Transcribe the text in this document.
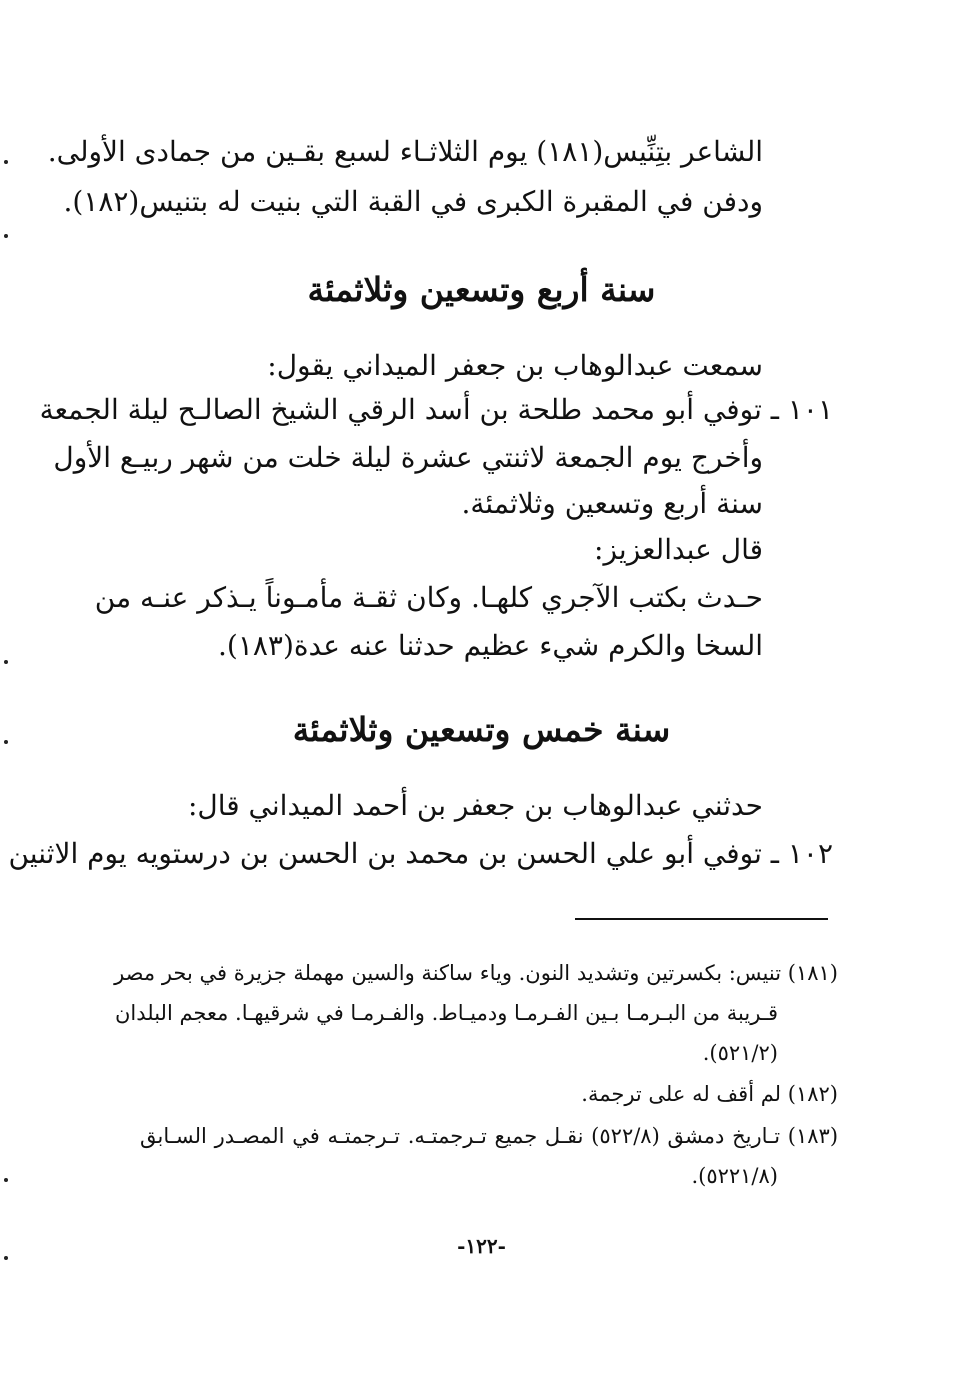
الشاعر بتِنِّيس(١٨١) يوم الثلاثـاء لسبع بقـين من جمادى الأولى.
ودفن في المقبرة الكبرى في القبة التي بنيت له بتنيس(١٨٢).
سنة أربع وتسعين وثلاثمئة
سمعت عبدالوهاب بن جعفر الميداني يقول:
١٠١ ـ توفي أبو محمد طلحة بن أسد الرقي الشيخ الصالـح ليلة الجمعة
وأخرج يوم الجمعة لاثنتي عشرة ليلة خلت من شهر ربيـع الأول
سنة أربع وتسعين وثلاثمئة.
قال عبدالعزيز:
حـدث بكتب الآجري كلهـا. وكان ثقـة مأمـوناً يـذكر عنـه من
السخا والكرم شيء عظيم حدثنا عنه عدة(١٨٣).
سنة خمس وتسعين وثلاثمئة
حدثني عبدالوهاب بن جعفر بن أحمد الميداني قال:
١٠٢ ـ توفي أبو علي الحسن بن محمد بن الحسن بن درستويه يوم الاثنين
(١٨١) تنيس: بكسرتين وتشديد النون. وياء ساكنة والسين مهملة جزيرة في بحر مصر
قـريبة من البـرمـا بـين الفـرمـا ودميـاط. والفـرمـا في شرقيهـا. معجم البلدان
(٥٢١/٢).
(١٨٢) لم أقف له على ترجمة.
(١٨٣) تـاريخ دمشق (٥٢٢/٨) نقـل جميع تـرجمتـه. تـرجمتـه في المصـدر السـابق
(٥٢٢١/٨).
-١٢٢-
